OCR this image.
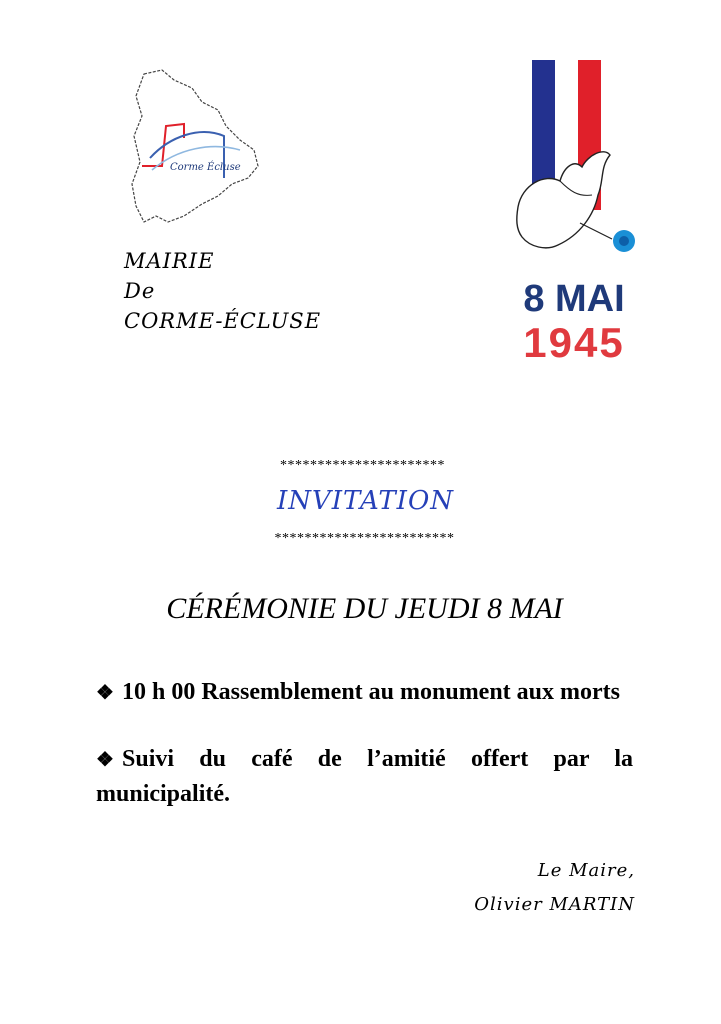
Corme Écluse
MAIRIE
De
CORME-ÉCLUSE
8 MAI
1945
**********************
INVITATION
************************
CÉRÉMONIE DU JEUDI 8 MAI

❖ 10 h 00 Rassemblement au monument aux morts

❖ Suivi du café de l’amitié offert par la municipalité.

Le Maire,
Olivier MARTIN
